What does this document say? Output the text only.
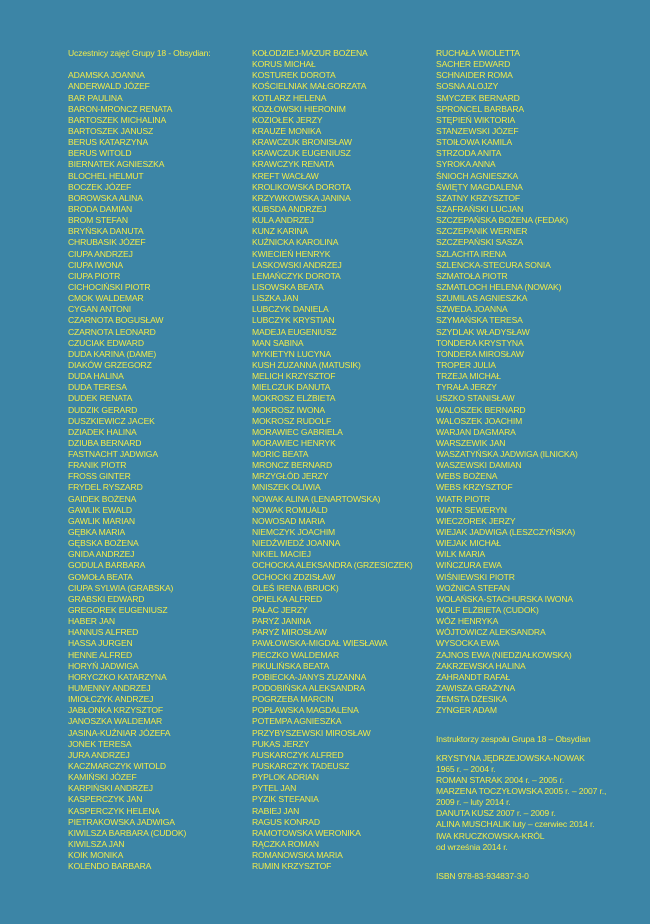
Uczestnicy zajęć Grupy 18 - Obsydian:
ADAMSKA JOANNA
ANDERWALD JÓZEF
BAR PAULINA
BARON-MRONCZ RENATA
BARTOSZEK MICHALINA
BARTOSZEK JANUSZ
BERUS KATARZYNA
BERUS WITOLD
BIERNATEK AGNIESZKA
BLOCHEL HELMUT
BOCZEK JÓZEF
BOROWSKA ALINA
BRODA DAMIAN
BROM STEFAN
BRYŃSKA DANUTA
CHRUBASIK JÓZEF
CIUPA ANDRZEJ
CIUPA IWONA
CIUPA PIOTR
CICHOCIŃSKI PIOTR
CMOK WALDEMAR
CYGAN ANTONI
CZARNOTA BOGUSŁAW
CZARNOTA LEONARD
CZUCIAK EDWARD
DUDA KARINA (DAME)
DIAKÓW GRZEGORZ
DUDA HALINA
DUDA TERESA
DUDEK RENATA
DUDZIK GERARD
DUSZKIEWICZ JACEK
DZIADEK HALINA
DZIUBA BERNARD
FASTNACHT JADWIGA
FRANIK PIOTR
FROSS GINTER
FRYDEL RYSZARD
GAIDEK BOŻENA
GAWLIK EWALD
GAWLIK MARIAN
GĘBKA MARIA
GĘBSKA BOŻENA
GNIDA ANDRZEJ
GODULA BARBARA
GOMOŁA BEATA
CIUPA SYLWIA (GRABSKA)
GRABSKI EDWARD
GREGOREK EUGENIUSZ
HABER JAN
HANNUS ALFRED
HASSA JURGEN
HENNE ALFRED
HORYŃ JADWIGA
HORYCZKO KATARZYNA
HUMENNY ANDRZEJ
IMIOŁCZYK ANDRZEJ
JABŁONKA KRZYSZTOF
JANOSZKA WALDEMAR
JASINA-KUŹNIAR JÓZEFA
JONEK TERESA
JURA ANDRZEJ
KACZMARCZYK WITOLD
KAMIŃSKI JÓZEF
KARPIŃSKI ANDRZEJ
KASPERCZYK JAN
KASPERCZYK HELENA
PIETRAKOWSKA JADWIGA
KIWILSZA BARBARA (CUDOK)
KIWILSZA JAN
KOIK MONIKA
KOLENDO BARBARA
KOŁODZIEJ-MAZUR BOŻENA
KORUS MICHAŁ
KOSTUREK DOROTA
KOŚCIELNIAK MAŁGORZATA
KOTLARZ HELENA
KOZŁOWSKI HIERONIM
KOZIOŁEK JERZY
KRAUZE MONIKA
KRAWCZUK BRONISŁAW
KRAWCZUK EUGENIUSZ
KRAWCZYK RENATA
KREFT WACŁAW
KROLIKOWSKA DOROTA
KRZYWKOWSKA JANINA
KUBSDA ANDRZEJ
KULA ANDRZEJ
KUNZ KARINA
KUŹNICKA KAROLINA
KWIECIEŃ HENRYK
LASKOWSKI ANDRZEJ
LEMAŃCZYK DOROTA
LISOWSKA BEATA
LISZKA JAN
LUBCZYK DANIELA
LUBCZYK KRYSTIAN
MADEJA EUGENIUSZ
MAN SABINA
MYKIETYN LUCYNA
KUSH ZUZANNA (MATUSIK)
MELICH KRZYSZTOF
MIELCZUK DANUTA
MOKROSZ ELŻBIETA
MOKROSZ IWONA
MOKROSZ RUDOLF
MORAWIEC GABRIELA
MORAWIEC HENRYK
MORIC BEATA
MRONCZ BERNARD
MRZYGŁÓD JERZY
MNISZEK OLIWIA
NOWAK ALINA (LENARTOWSKA)
NOWAK ROMUALD
NOWOSAD MARIA
NIEMCZYK JOACHIM
NIEDŹWIEDŹ JOANNA
NIKIEL MACIEJ
OCHOCKA ALEKSANDRA (GRZESICZEK)
OCHOCKI ZDZISŁAW
OLEŚ IRENA (BRUCK)
OPIELKA ALFRED
PAŁAC JERZY
PARYŻ JANINA
PARYŻ MIROSŁAW
PAWŁOWSKA-MIGDAŁ WIESŁAWA
PIECZKO WALDEMAR
PIKULIŃSKA BEATA
POBIECKA-JANYS ZUZANNA
PODOBIŃSKA ALEKSANDRA
POGRZEBA MARCIN
POPŁAWSKA MAGDALENA
POTEMPA AGNIESZKA
PRZYBYSZEWSKI MIROSŁAW
PUKAS JERZY
PUSKARCZYK ALFRED
PUSKARCZYK TADEUSZ
PYPLOK ADRIAN
PYTEL JAN
PYZIK STEFANIA
RABIEJ JAN
RAGUS KONRAD
RAMOTOWSKA WERONIKA
RĄCZKA ROMAN
ROMANOWSKA MARIA
RUMIN KRZYSZTOF
RUCHAŁA WIOLETTA
SACHER EDWARD
SCHNAIDER ROMA
SOSNA ALOJZY
SMYCZEK BERNARD
SPRONCEL BARBARA
STĘPIEŃ WIKTORIA
STANZEWSKI JÓZEF
STOIŁOWA KAMILA
STRZODA ANITA
SYROKA ANNA
ŚNIOCH AGNIESZKA
ŚWIĘTY MAGDALENA
SZATNY KRZYSZTOF
SZAFRAŃSKI LUCJAN
SZCZEPAŃSKA BOŻENA (FEDAK)
SZCZEPANIK WERNER
SZCZEPAŃSKI SASZA
SZLACHTA IRENA
SZLENCKA-STECURA SONIA
SZMATOŁA PIOTR
SZMATLOCH HELENA (NOWAK)
SZUMILAS AGNIESZKA
SZWEDA JOANNA
SZYMAŃSKA TERESA
SZYDLAK WŁADYSŁAW
TONDERA KRYSTYNA
TONDERA MIROSŁAW
TROPER JULIA
TRZEJA MICHAŁ
TYRAŁA JERZY
USZKO STANISŁAW
WALOSZEK BERNARD
WALOSZEK JOACHIM
WARJAN DAGMARA
WARSZEWIK JAN
WASZATYŃSKA JADWIGA (ILNICKA)
WASZEWSKI DAMIAN
WEBS BOŻENA
WEBS KRZYSZTOF
WIATR PIOTR
WIATR SEWERYN
WIECZOREK JERZY
WIEJAK JADWIGA (LESZCZYŃSKA)
WIEJAK MICHAŁ
WILK MARIA
WIŃCZURA EWA
WIŚNIEWSKI PIOTR
WOŹNICA STEFAN
WOLAŃSKA-STACHURSKA IWONA
WOLF ELŻBIETA (CUDOK)
WÓZ HENRYKA
WÓJTOWICZ ALEKSANDRA
WYSOCKA EWA
ZAJNOS EWA (NIEDZIAŁKOWSKA)
ZAKRZEWSKA HALINA
ZAHRANDT RAFAŁ
ZAWISZA GRAŻYNA
ZEMSTA DŻESIKA
ZYNGER ADAM
Instruktorzy zespołu Grupa 18 – Obsydian
KRYSTYNA JĘDRZEJOWSKA-NOWAK
1965 r. – 2004 r.
ROMAN STARAK 2004 r. – 2005 r.
MARZENA TOCZYŁOWSKA 2005 r. – 2007 r.,
2009 r. – luty 2014 r.
DANUTA KUSZ 2007 r. – 2009 r.
ALINA MUSCHALIK luty – czerwiec 2014 r.
IWA KRUCZKOWSKA-KRÓL
od września 2014 r.
ISBN 978-83-934837-3-0
